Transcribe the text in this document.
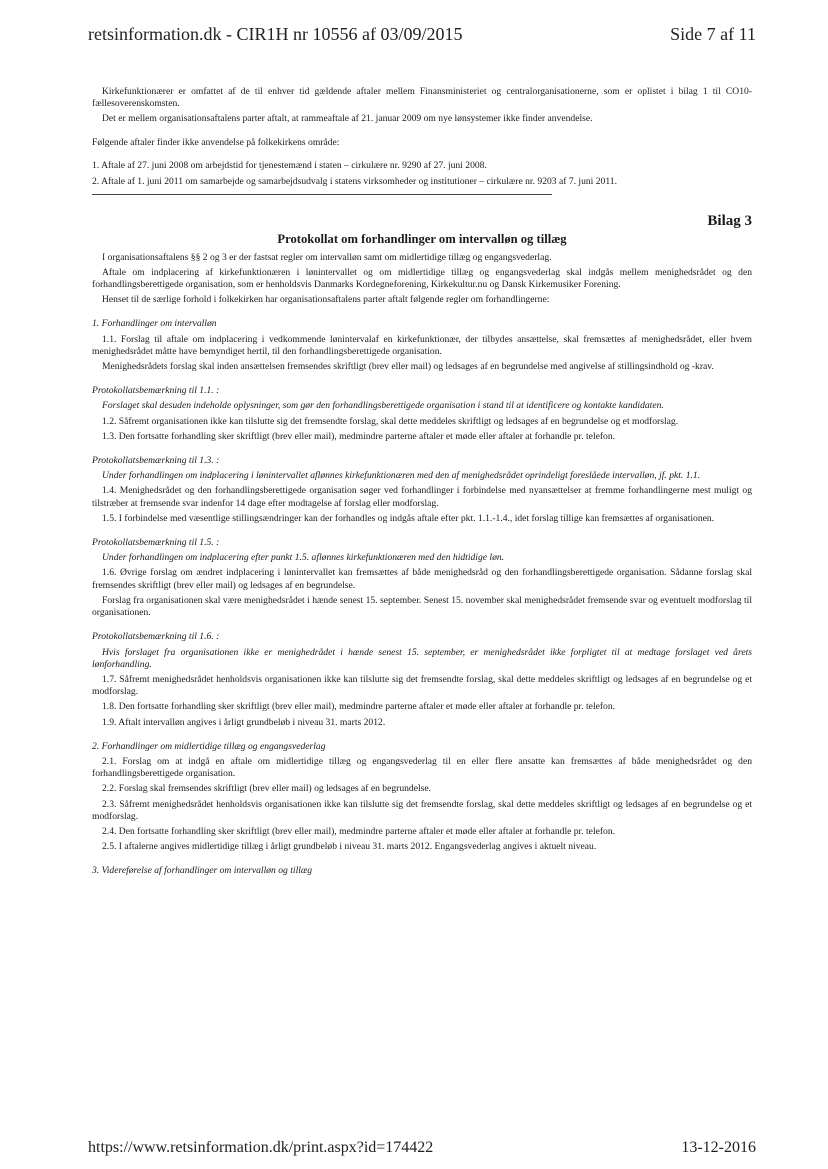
retsinformation.dk - CIR1H nr 10556 af 03/09/2015	Side 7 af 11

Kirkefunktionærer er omfattet af de til enhver tid gældende aftaler mellem Finansministeriet og centralorganisationerne, som er oplistet i bilag 1 til CO10-fællesoverenskomsten.

Det er mellem organisationsaftalens parter aftalt, at rammeaftale af 21. januar 2009 om nye lønsystemer ikke finder anvendelse.

Følgende aftaler finder ikke anvendelse på folkekirkens område:

1. Aftale af 27. juni 2008 om arbejdstid for tjenestemænd i staten – cirkulære nr. 9290 af 27. juni 2008.
2. Aftale af 1. juni 2011 om samarbejde og samarbejdsudvalg i statens virksomheder og institutioner – cirkulære nr. 9203 af 7. juni 2011.
Bilag 3
Protokollat om forhandlinger om intervalløn og tillæg

I organisationsaftalens §§ 2 og 3 er der fastsat regler om intervalløn samt om midlertidige tillæg og engangsvederlag.

Aftale om indplacering af kirkefunktionæren i lønintervallet og om midlertidige tillæg og engangsvederlag skal indgås mellem menighedsrådet og den forhandlingsberettigede organisation, som er henholdsvis Danmarks Kordegneforening, Kirkekultur.nu og Dansk Kirkemusiker Forening.

Henset til de særlige forhold i folkekirken har organisationsaftalens parter aftalt følgende regler om forhandlingerne:

1. Forhandlinger om intervalløn

1.1. Forslag til aftale om indplacering i vedkommende lønintervalaf en kirkefunktionær, der tilbydes ansættelse, skal fremsættes af menighedsrådet, eller hvem menighedsrådet måtte have bemyndiget hertil, til den forhandlingsberettigede organisation.

Menighedsrådets forslag skal inden ansættelsen fremsendes skriftligt (brev eller mail) og ledsages af en begrundelse med angivelse af stillingsindhold og -krav.

Protokollatsbemærkning til 1.1. :

Forslaget skal desuden indeholde oplysninger, som gør den forhandlingsberettigede organisation i stand til at identificere og kontakte kandidaten.

1.2. Såfremt organisationen ikke kan tilslutte sig det fremsendte forslag, skal dette meddeles skriftligt og ledsages af en begrundelse og et modforslag.

1.3. Den fortsatte forhandling sker skriftligt (brev eller mail), medmindre parterne aftaler et møde eller aftaler at forhandle pr. telefon.

Protokollatsbemærkning til 1.3. :

Under forhandlingen om indplacering i lønintervallet aflønnes kirkefunktionæren med den af menighedsrådet oprindeligt foreslåede intervalløn, jf. pkt. 1.1.

1.4. Menighedsrådet og den forhandlingsberettigede organisation søger ved forhandlinger i forbindelse med nyansættelser at fremme forhandlingerne mest muligt og tilstræber at fremsende svar indenfor 14 dage efter modtagelse af forslag eller modforslag.

1.5. I forbindelse med væsentlige stillingsændringer kan der forhandles og indgås aftale efter pkt. 1.1.-1.4., idet forslag tillige kan fremsættes af organisationen.

Protokollatsbemærkning til 1.5. :

Under forhandlingen om indplacering efter punkt 1.5. aflønnes kirkefunktionæren med den hidtidige løn.

1.6. Øvrige forslag om ændret indplacering i lønintervallet kan fremsættes af både menighedsråd og den forhandlingsberettigede organisation. Sådanne forslag skal fremsendes skriftligt (brev eller mail) og ledsages af en begrundelse.

Forslag fra organisationen skal være menighedsrådet i hænde senest 15. september. Senest 15. november skal menighedsrådet fremsende svar og eventuelt modforslag til organisationen.

Protokollatsbemærkning til 1.6. :

Hvis forslaget fra organisationen ikke er menighedrådet i hænde senest 15. september, er menighedsrådet ikke forpligtet til at medtage forslaget ved årets lønforhandling.

1.7. Såfremt menighedsrådet henholdsvis organisationen ikke kan tilslutte sig det fremsendte forslag, skal dette meddeles skriftligt og ledsages af en begrundelse og et modforslag.

1.8. Den fortsatte forhandling sker skriftligt (brev eller mail), medmindre parterne aftaler et møde eller aftaler at forhandle pr. telefon.

1.9. Aftalt intervalløn angives i årligt grundbeløb i niveau 31. marts 2012.

2. Forhandlinger om midlertidige tillæg og engangsvederlag

2.1. Forslag om at indgå en aftale om midlertidige tillæg og engangsvederlag til en eller flere ansatte kan fremsættes af både menighedsrådet og den forhandlingsberettigede organisation.

2.2. Forslag skal fremsendes skriftligt (brev eller mail) og ledsages af en begrundelse.

2.3. Såfremt menighedsrådet henholdsvis organisationen ikke kan tilslutte sig det fremsendte forslag, skal dette meddeles skriftligt og ledsages af en begrundelse og et modforslag.

2.4. Den fortsatte forhandling sker skriftligt (brev eller mail), medmindre parterne aftaler et møde eller aftaler at forhandle pr. telefon.

2.5. I aftalerne angives midlertidige tillæg i årligt grundbeløb i niveau 31. marts 2012. Engangsvederlag angives i aktuelt niveau.

3. Videreførelse af forhandlinger om intervalløn og tillæg
https://www.retsinformation.dk/print.aspx?id=174422	13-12-2016
